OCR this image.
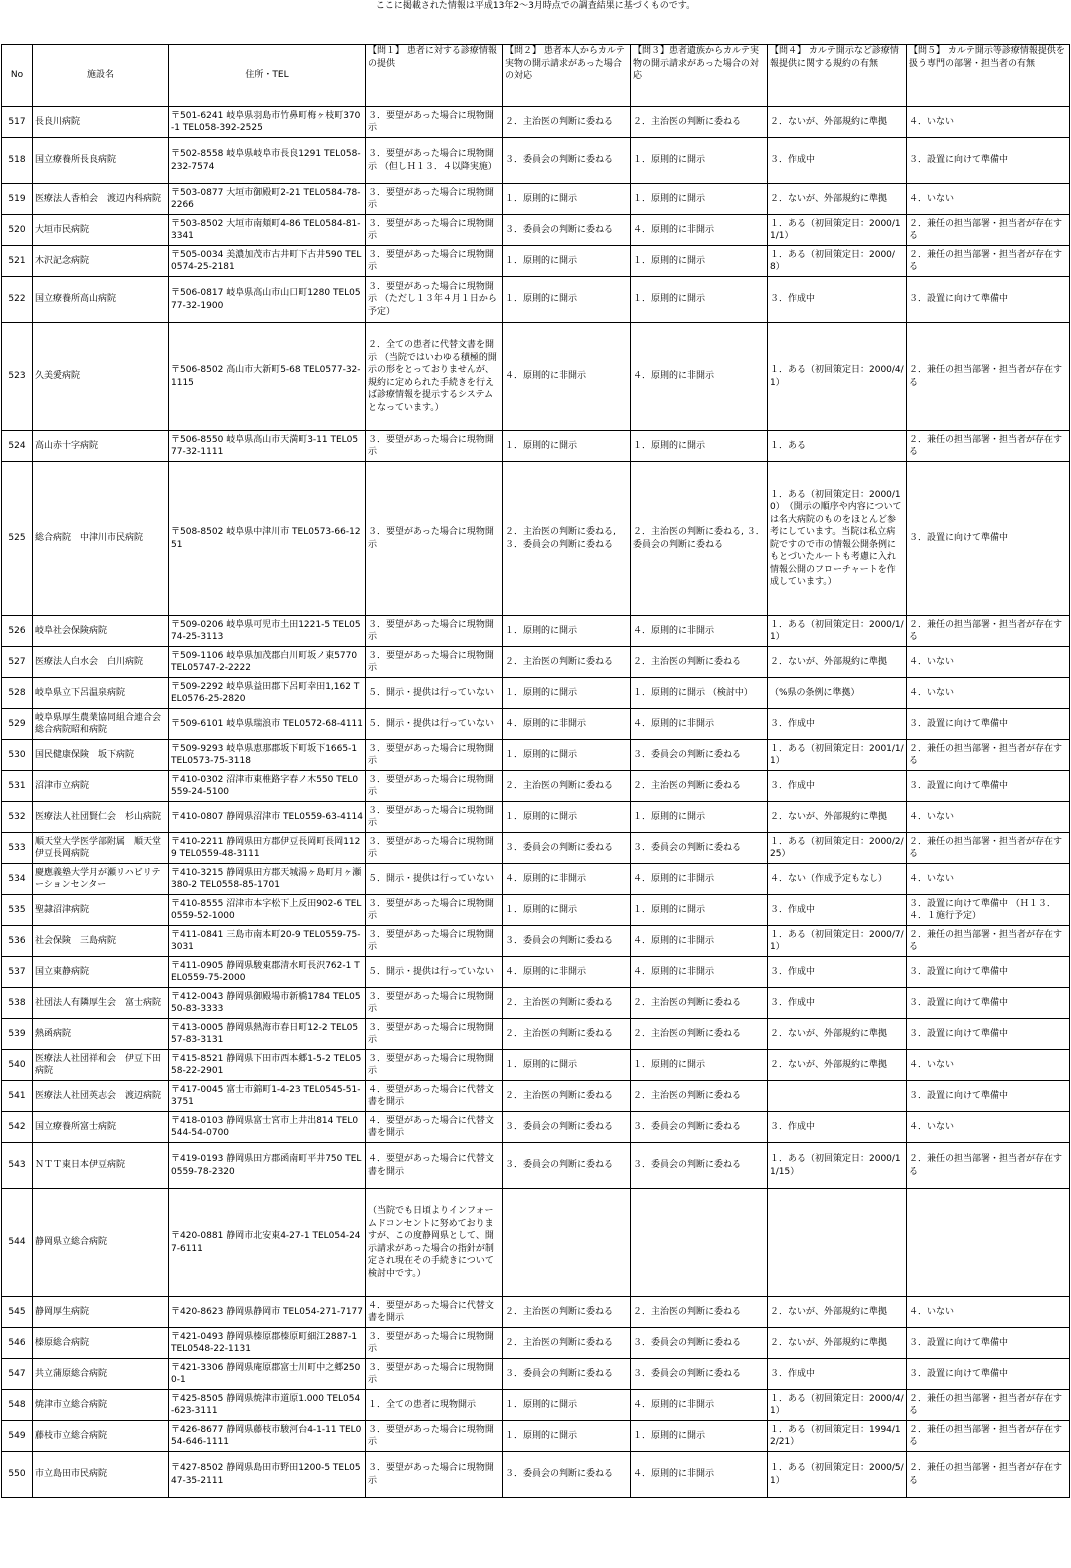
ここに掲載された情報は平成13年2～3月時点での調査結果に基づくものです。
No	施設名	住所・TEL	【問１】 患者に対する診療情報の提供	【問２】 患者本人からカルテ実物の開示請求があった場合の対応	【問３】患者遺族からカルテ実物の開示請求があった場合の対応	【問４】 カルテ開示など診療情報提供に関する規約の有無	【問５】 カルテ開示等診療情報提供を扱う専門の部署・担当者の有無
517	長良川病院	〒501-6241 岐阜県羽島市竹鼻町梅ヶ枝町370-1 TEL058-392-2525	３．要望があった場合に現物開示	２．主治医の判断に委ねる	２．主治医の判断に委ねる	２．ないが、外部規約に準拠	４．いない
518	国立療養所長良病院	〒502-8558 岐阜県岐阜市長良1291 TEL058-232-7574	３．要望があった場合に現物開示 （但しＨ１３．４以降実施）	３．委員会の判断に委ねる	１．原則的に開示	３．作成中	３．設置に向けて準備中
519	医療法人香柏会　渡辺内科病院	〒503-0877 大垣市御殿町2-21 TEL0584-78-2266	３．要望があった場合に現物開示	１．原則的に開示	１．原則的に開示	２．ないが、外部規約に準拠	４．いない
520	大垣市民病院	〒503-8502 大垣市南頬町4-86 TEL0584-81-3341	３．要望があった場合に現物開示	３．委員会の判断に委ねる	４．原則的に非開示	１．ある（初回策定日：2000/11/1）	２．兼任の担当部署・担当者が存在する
521	木沢記念病院	〒505-0034 美濃加茂市古井町下古井590 TEL0574-25-2181	３．要望があった場合に現物開示	１．原則的に開示	１．原則的に開示	１．ある（初回策定日：2000/8）	２．兼任の担当部署・担当者が存在する
522	国立療養所高山病院	〒506-0817 岐阜県高山市山口町1280 TEL0577-32-1900	３．要望があった場合に現物開示 （ただし１３年４月１日から予定）	１．原則的に開示	１．原則的に開示	３．作成中	３．設置に向けて準備中
523	久美愛病院	〒506-8502 高山市大新町5-68 TEL0577-32-1115	２．全ての患者に代替文書を開示 （当院ではいわゆる積極的開示の形をとっておりませんが、規約に定められた手続きを行えば診療情報を提示するシステムとなっています。）	４．原則的に非開示	４．原則的に非開示	１．ある（初回策定日：2000/4/1）	２．兼任の担当部署・担当者が存在する
524	高山赤十字病院	〒506-8550 岐阜県高山市天満町3-11 TEL0577-32-1111	３．要望があった場合に現物開示	１．原則的に開示	１．原則的に開示	１．ある	２．兼任の担当部署・担当者が存在する
525	総合病院　中津川市民病院	〒508-8502 岐阜県中津川市 TEL0573-66-1251	３．要望があった場合に現物開示	２．主治医の判断に委ねる, ３．委員会の判断に委ねる	２．主治医の判断に委ねる, ３．委員会の判断に委ねる	１．ある（初回策定日：2000/10）　（開示の順序や内容については名大病院のものをほとんど参考にしています。当院は私立病院ですので市の情報公開条例にもとづいたルートも考慮に入れ情報公開のフローチャートを作成しています。）	３．設置に向けて準備中
526	岐阜社会保険病院	〒509-0206 岐阜県可児市土田1221-5 TEL0574-25-3113	３．要望があった場合に現物開示	１．原則的に開示	４．原則的に非開示	１．ある（初回策定日：2000/1/1）	２．兼任の担当部署・担当者が存在する
527	医療法人白水会　白川病院	〒509-1106 岐阜県加茂郡白川町坂ノ東5770 TEL05747-2-2222	３．要望があった場合に現物開示	２．主治医の判断に委ねる	２．主治医の判断に委ねる	２．ないが、外部規約に準拠	４．いない
528	岐阜県立下呂温泉病院	〒509-2292 岐阜県益田郡下呂町幸田1,162 TEL0576-25-2820	５．開示・提供は行っていない	１．原則的に開示	１．原則的に開示 （検討中）	（%県の条例に準拠）	４．いない
529	岐阜県厚生農業協同組合連合会　総合病院昭和病院	〒509-6101 岐阜県瑞浪市 TEL0572-68-4111	５．開示・提供は行っていない	４．原則的に非開示	４．原則的に非開示	３．作成中	３．設置に向けて準備中
530	国民健康保険　坂下病院	〒509-9293 岐阜県恵那郡坂下町坂下1665-1 TEL0573-75-3118	３．要望があった場合に現物開示	１．原則的に開示	３．委員会の判断に委ねる	１．ある（初回策定日：2001/1/1）	２．兼任の担当部署・担当者が存在する
531	沼津市立病院	〒410-0302 沼津市東椎路字春ノ木550 TEL0559-24-5100	３．要望があった場合に現物開示	２．主治医の判断に委ねる	２．主治医の判断に委ねる	３．作成中	３．設置に向けて準備中
532	医療法人社団賢仁会　杉山病院	〒410-0807 静岡県沼津市 TEL0559-63-4114	３．要望があった場合に現物開示	１．原則的に開示	１．原則的に開示	２．ないが、外部規約に準拠	４．いない
533	順天堂大学医学部附属　順天堂伊豆長岡病院	〒410-2211 静岡県田方郡伊豆長岡町長岡1129 TEL0559-48-3111	３．要望があった場合に現物開示	３．委員会の判断に委ねる	３．委員会の判断に委ねる	１．ある（初回策定日：2000/2/25）	２．兼任の担当部署・担当者が存在する
534	慶應義塾大学月が瀬リハビリテーションセンター	〒410-3215 静岡県田方郡天城湯ヶ島町月ヶ瀬380-2 TEL0558-85-1701	５．開示・提供は行っていない	４．原則的に非開示	４．原則的に非開示	４．ない（作成予定もなし）	４．いない
535	聖隷沼津病院	〒410-8555 沼津市本字松下上反田902-6 TEL0559-52-1000	３．要望があった場合に現物開示	１．原則的に開示	１．原則的に開示	３．作成中	３．設置に向けて準備中 （Ｈ１３．４．１施行予定）
536	社会保険　三島病院	〒411-0841 三島市南本町20-9 TEL0559-75-3031	３．要望があった場合に現物開示	３．委員会の判断に委ねる	４．原則的に非開示	１．ある（初回策定日：2000/7/1）	２．兼任の担当部署・担当者が存在する
537	国立東静病院	〒411-0905 静岡県駿東郡清水町長沢762-1 TEL0559-75-2000	５．開示・提供は行っていない	４．原則的に非開示	４．原則的に非開示	３．作成中	３．設置に向けて準備中
538	社団法人有隣厚生会　富士病院	〒412-0043 静岡県御殿場市新橋1784 TEL0550-83-3333	３．要望があった場合に現物開示	２．主治医の判断に委ねる	２．主治医の判断に委ねる	３．作成中	３．設置に向けて準備中
539	熱函病院	〒413-0005 静岡県熱海市春日町12-2 TEL0557-83-3131	３．要望があった場合に現物開示	２．主治医の判断に委ねる	２．主治医の判断に委ねる	２．ないが、外部規約に準拠	３．設置に向けて準備中
540	医療法人社団祥和会　伊豆下田病院	〒415-8521 静岡県下田市西本郷1-5-2 TEL0558-22-2901	３．要望があった場合に現物開示	１．原則的に開示	１．原則的に開示	２．ないが、外部規約に準拠	４．いない
541	医療法人社団英志会　渡辺病院	〒417-0045 富士市錦町1-4-23 TEL0545-51-3751	４．要望があった場合に代替文書を開示	２．主治医の判断に委ねる	２．主治医の判断に委ねる		３．設置に向けて準備中
542	国立療養所富士病院	〒418-0103 静岡県富士宮市上井出814 TEL0544-54-0700	４．要望があった場合に代替文書を開示	３．委員会の判断に委ねる	３．委員会の判断に委ねる	３．作成中	４．いない
543	ＮＴＴ東日本伊豆病院	〒419-0193 静岡県田方郡函南町平井750 TEL0559-78-2320	４．要望があった場合に代替文書を開示	３．委員会の判断に委ねる	３．委員会の判断に委ねる	１．ある（初回策定日：2000/11/15）	２．兼任の担当部署・担当者が存在する
544	静岡県立総合病院	〒420-0881 静岡市北安東4-27-1 TEL054-247-6111	（当院でも日頃よりインフォームドコンセントに努めておりますが、この度静岡県として、開示請求があった場合の指針が制定され現在その手続きについて検討中です。）				
545	静岡厚生病院	〒420-8623 静岡県静岡市 TEL054-271-7177	４．要望があった場合に代替文書を開示	２．主治医の判断に委ねる	２．主治医の判断に委ねる	２．ないが、外部規約に準拠	４．いない
546	榛原総合病院	〒421-0493 静岡県榛原郡榛原町細江2887-1 TEL0548-22-1131	３．要望があった場合に現物開示	２．主治医の判断に委ねる	３．委員会の判断に委ねる	２．ないが、外部規約に準拠	３．設置に向けて準備中
547	共立蒲原総合病院	〒421-3306 静岡県庵原郡富士川町中之郷2500-1	３．要望があった場合に現物開示	３．委員会の判断に委ねる	３．委員会の判断に委ねる	３．作成中	３．設置に向けて準備中
548	焼津市立総合病院	〒425-8505 静岡県焼津市道原1.000 TEL054-623-3111	１．全ての患者に現物開示	１．原則的に開示	４．原則的に非開示	１．ある（初回策定日：2000/4/1）	２．兼任の担当部署・担当者が存在する
549	藤枝市立総合病院	〒426-8677 静岡県藤枝市駿河台4-1-11 TEL054-646-1111	３．要望があった場合に現物開示	１．原則的に開示	１．原則的に開示	１．ある（初回策定日：1994/12/21）	２．兼任の担当部署・担当者が存在する
550	市立島田市民病院	〒427-8502 静岡県島田市野田1200-5 TEL0547-35-2111	３．要望があった場合に現物開示	３．委員会の判断に委ねる	４．原則的に非開示	１．ある（初回策定日：2000/5/1）	２．兼任の担当部署・担当者が存在する
